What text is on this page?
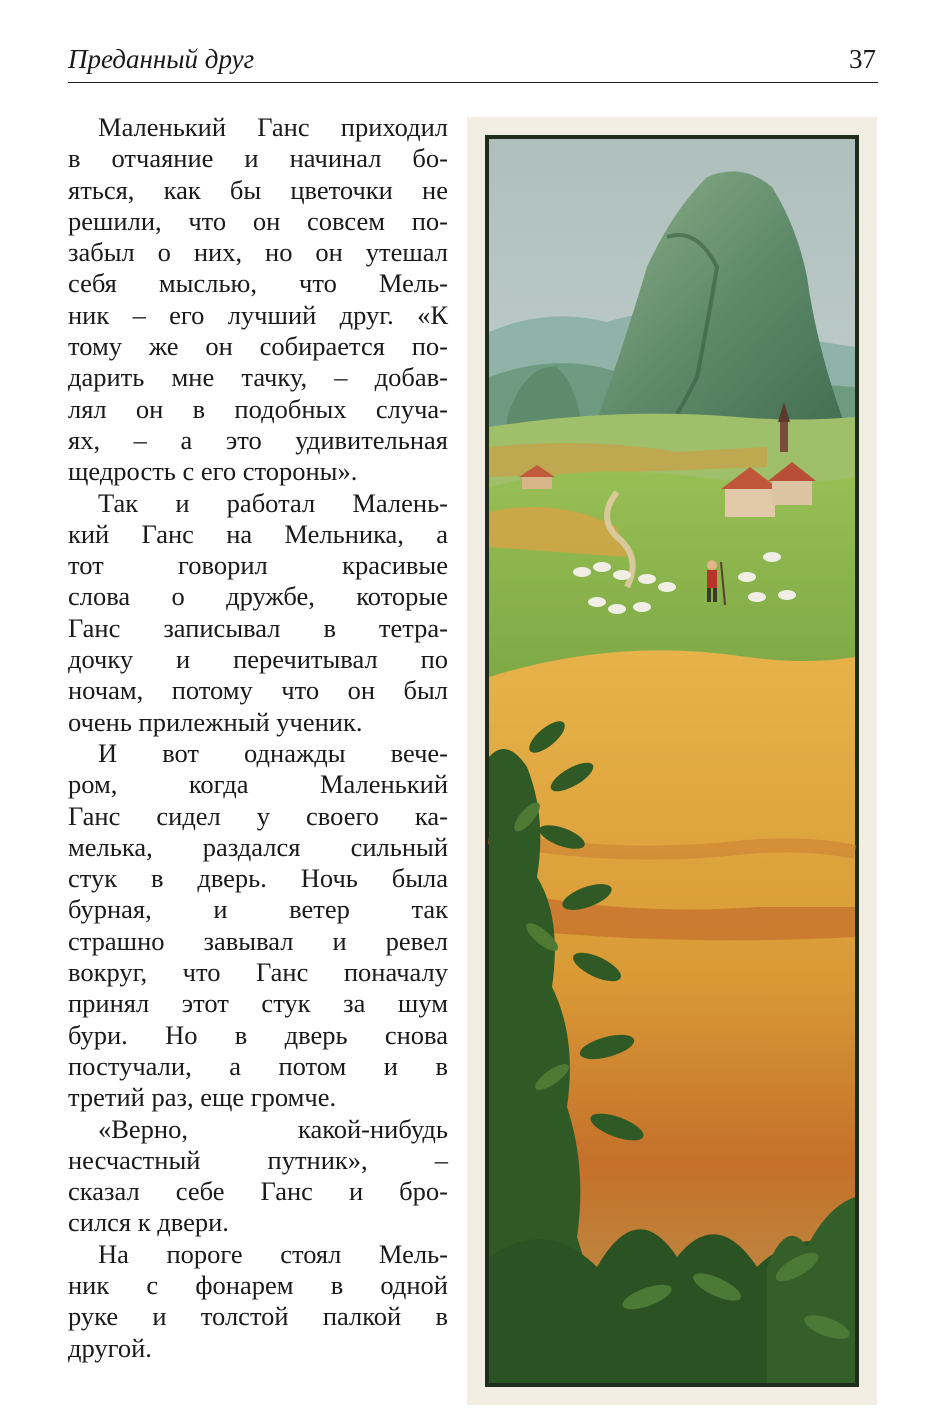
Преданный друг	37
Маленький Ганс приходил
в отчаяние и начинал бо-
яться, как бы цветочки не
решили, что он совсем по-
забыл о них, но он утешал
себя мыслью, что Мель-
ник – его лучший друг. «К
тому же он собирается по-
дарить мне тачку, – добав-
лял он в подобных случа-
ях, – а это удивительная
щедрость с его стороны».
Так и работал Малень-
кий Ганс на Мельника, а
тот говорил красивые
слова о дружбе, которые
Ганс записывал в тетра-
дочку и перечитывал по
ночам, потому что он был
очень прилежный ученик.
И вот однажды вече-
ром, когда Маленький
Ганс сидел у своего ка-
мелька, раздался сильный
стук в дверь. Ночь была
бурная, и ветер так
страшно завывал и ревел
вокруг, что Ганс поначалу
принял этот стук за шум
бури. Но в дверь снова
постучали, а потом и в
третий раз, еще громче.
«Верно, какой-нибудь
несчастный путник», –
сказал себе Ганс и бро-
сился к двери.
На пороге стоял Мель-
ник с фонарем в одной
руке и толстой палкой в
другой.
